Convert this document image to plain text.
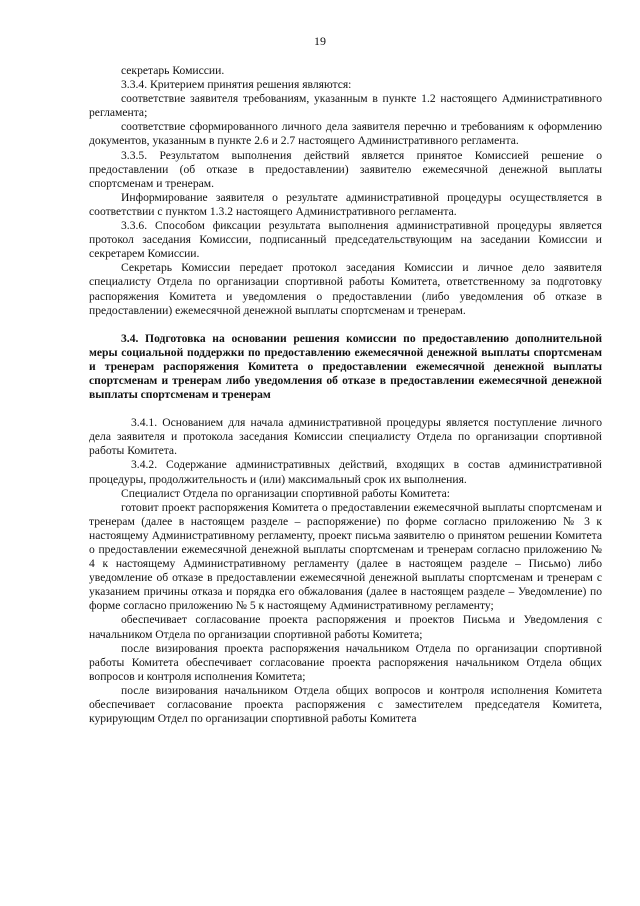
19

секретарь Комиссии.

3.3.4. Критерием принятия решения являются:

соответствие заявителя требованиям, указанным в пункте 1.2 настоящего Административного регламента;

соответствие сформированного личного дела заявителя перечню и требованиям к оформлению документов, указанным в пункте 2.6 и 2.7 настоящего Административного регламента.

3.3.5. Результатом выполнения действий является принятое Комиссией решение о предоставлении (об отказе в предоставлении) заявителю ежемесячной денежной выплаты спортсменам и тренерам.

Информирование заявителя о результате административной процедуры осуществляется в соответствии с пунктом 1.3.2 настоящего Административного регламента.

3.3.6. Способом фиксации результата выполнения административной процедуры является протокол заседания Комиссии, подписанный председательствующим на заседании Комиссии и секретарем Комиссии.

Секретарь Комиссии передает протокол заседания Комиссии и личное дело заявителя специалисту Отдела по организации спортивной работы Комитета, ответственному за подготовку распоряжения Комитета и уведомления о предоставлении (либо уведомления об отказе в предоставлении) ежемесячной денежной выплаты спортсменам и тренерам.

3.4. Подготовка на основании решения комиссии по предоставлению дополнительной меры социальной поддержки по предоставлению ежемесячной денежной выплаты спортсменам и тренерам распоряжения Комитета о предоставлении ежемесячной денежной выплаты спортсменам и тренерам либо уведомления об отказе в предоставлении ежемесячной денежной выплаты спортсменам и тренерам

3.4.1. Основанием для начала административной процедуры является поступление личного дела заявителя и протокола заседания Комиссии специалисту Отдела по организации спортивной работы Комитета.

3.4.2. Содержание административных действий, входящих в состав административной процедуры, продолжительность и (или) максимальный срок их выполнения.

Специалист Отдела по организации спортивной работы Комитета:

готовит проект распоряжения Комитета о предоставлении ежемесячной выплаты спортсменам и тренерам (далее в настоящем разделе – распоряжение) по форме согласно приложению № 3 к настоящему Административному регламенту, проект письма заявителю о принятом решении Комитета о предоставлении ежемесячной денежной выплаты спортсменам и тренерам согласно приложению № 4 к настоящему Административному регламенту (далее в настоящем разделе – Письмо) либо уведомление об отказе в предоставлении ежемесячной денежной выплаты спортсменам и тренерам с указанием причины отказа и порядка его обжалования (далее в настоящем разделе – Уведомление) по форме согласно приложению № 5 к настоящему Административному регламенту;

обеспечивает согласование проекта распоряжения и проектов Письма и Уведомления с начальником Отдела по организации спортивной работы Комитета;

после визирования проекта распоряжения начальником Отдела по организации спортивной работы Комитета обеспечивает согласование проекта распоряжения начальником Отдела общих вопросов и контроля исполнения Комитета;

после визирования начальником Отдела общих вопросов и контроля исполнения Комитета обеспечивает согласование проекта распоряжения с заместителем председателя Комитета, курирующим Отдел по организации спортивной работы Комитета
